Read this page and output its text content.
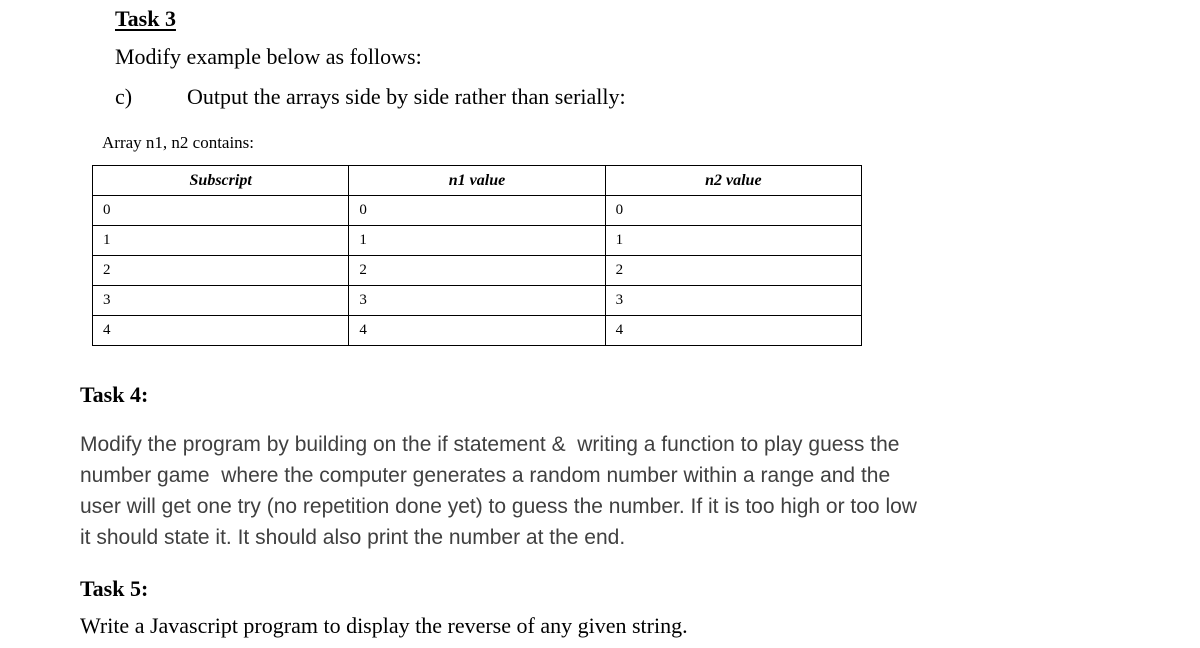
Task 3
Modify example below as follows:
c) Output the arrays side by side rather than serially:
Array n1, n2 contains:
Subscript	n1 value	n2 value
0	0	0
1	1	1
2	2	2
3	3	3
4	4	4
Task 4:
Modify the program by building on the if statement &  writing a function to play guess the
number game  where the computer generates a random number within a range and the
user will get one try (no repetition done yet) to guess the number. If it is too high or too low
it should state it. It should also print the number at the end.
Task 5:
Write a Javascript program to display the reverse of any given string.
